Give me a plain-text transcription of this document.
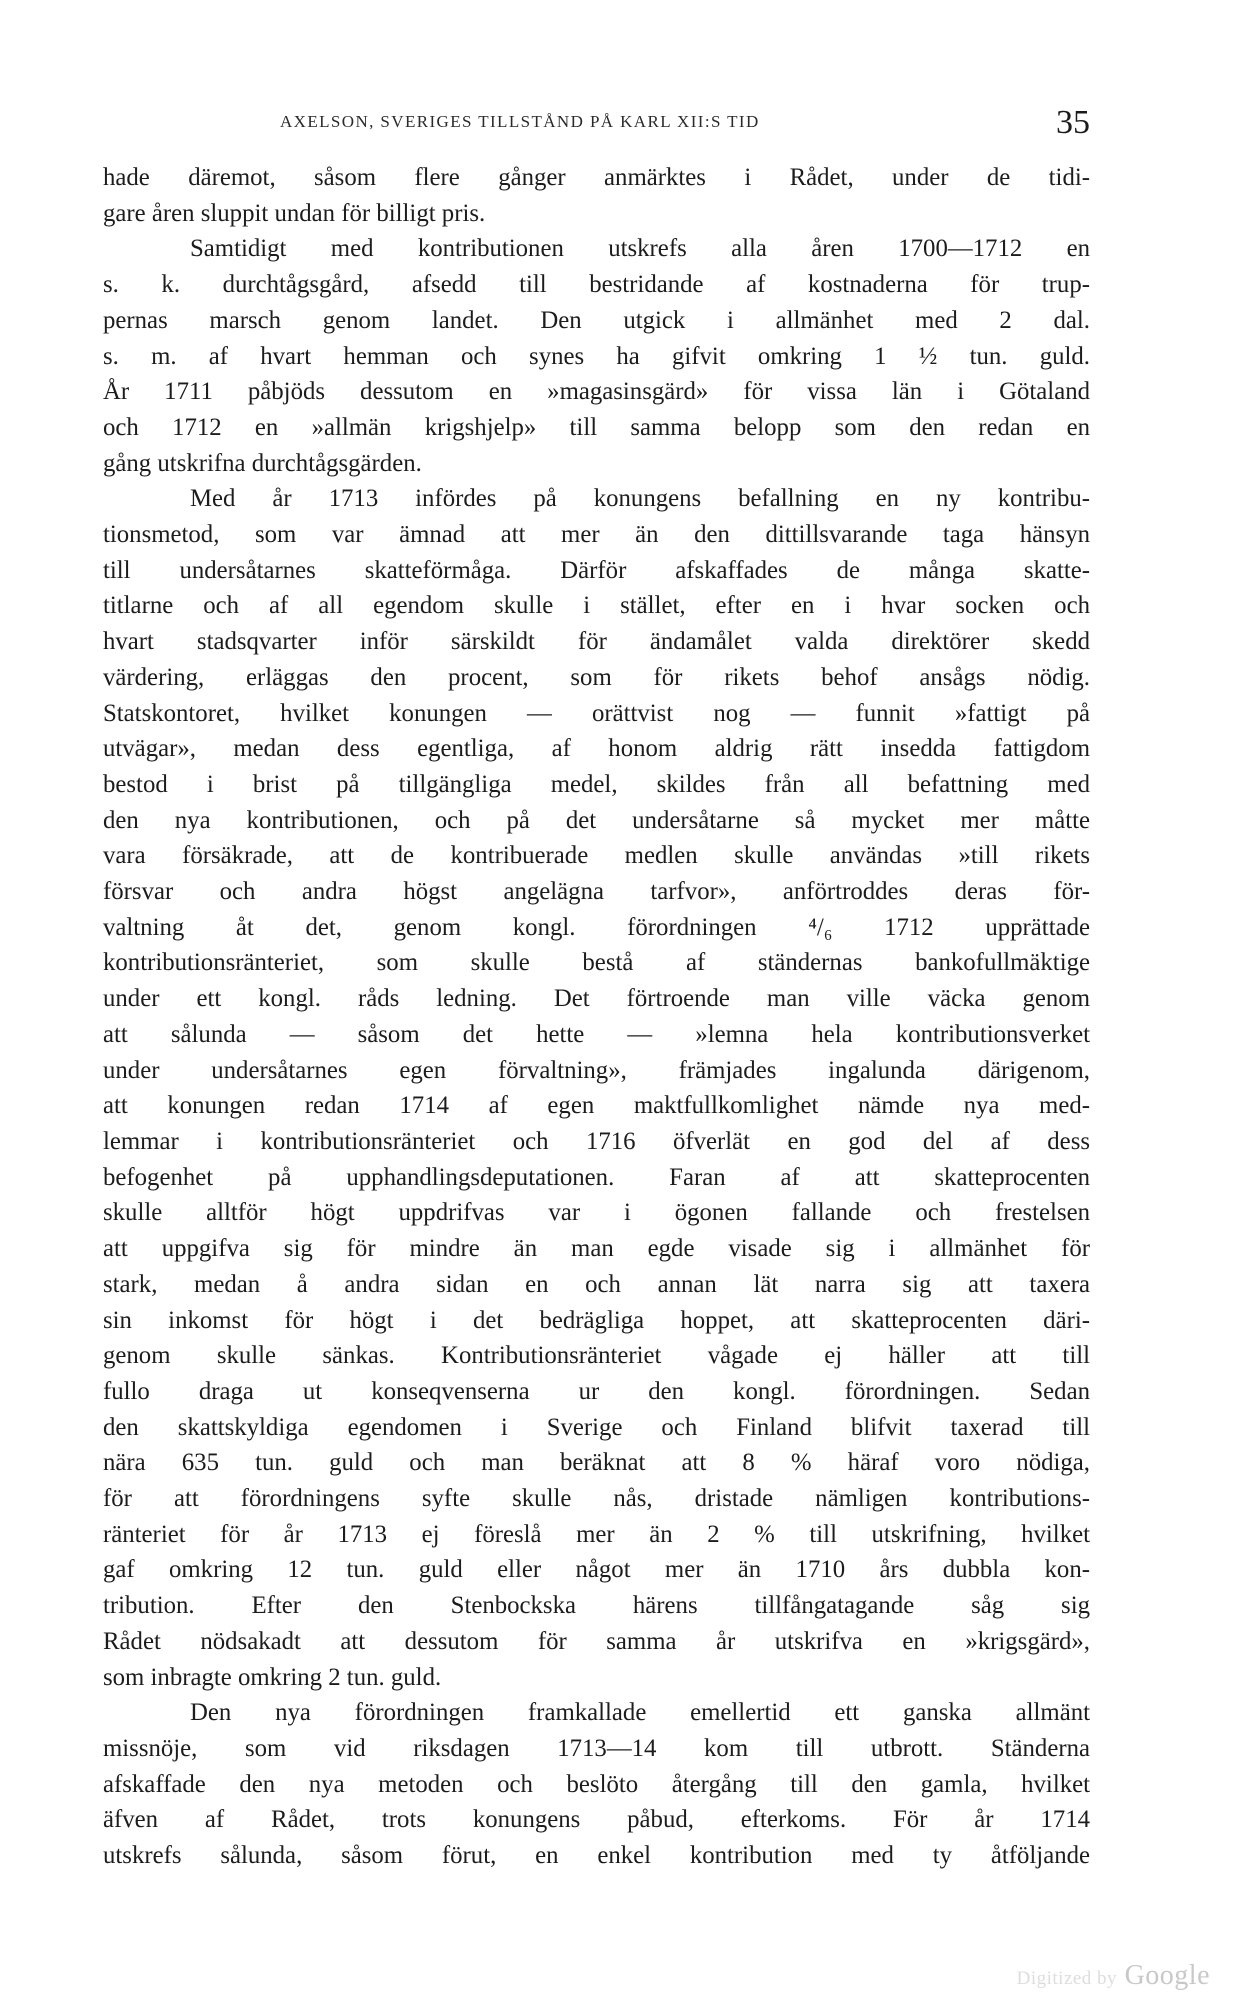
AXELSON, SVERIGES TILLSTÅND PÅ KARL XII:S TID	35
hade däremot, såsom flere gånger anmärktes i Rådet, under de tidi-
gare åren sluppit undan för billigt pris.
Samtidigt med kontributionen utskrefs alla åren 1700—1712 en
s. k. durchtågsgård, afsedd till bestridande af kostnaderna för trup-
pernas marsch genom landet. Den utgick i allmänhet med 2 dal.
s. m. af hvart hemman och synes ha gifvit omkring 1 ½ tun. guld.
År 1711 påbjöds dessutom en »magasinsgärd» för vissa län i Götaland
och 1712 en »allmän krigshjelp» till samma belopp som den redan en
gång utskrifna durchtågsgärden.
Med år 1713 infördes på konungens befallning en ny kontribu-
tionsmetod, som var ämnad att mer än den dittillsvarande taga hänsyn
till undersåtarnes skatteförmåga. Därför afskaffades de många skatte-
titlarne och af all egendom skulle i stället, efter en i hvar socken och
hvart stadsqvarter inför särskildt för ändamålet valda direktörer skedd
värdering, erläggas den procent, som för rikets behof ansågs nödig.
Statskontoret, hvilket konungen — orättvist nog — funnit »fattigt på
utvägar», medan dess egentliga, af honom aldrig rätt insedda fattigdom
bestod i brist på tillgängliga medel, skildes från all befattning med
den nya kontributionen, och på det undersåtarne så mycket mer måtte
vara försäkrade, att de kontribuerade medlen skulle användas »till rikets
försvar och andra högst angelägna tarfvor», anförtroddes deras för-
valtning åt det, genom kongl. förordningen ⁴/₆ 1712 upprättade
kontributionsränteriet, som skulle bestå af ständernas bankofullmäktige
under ett kongl. råds ledning. Det förtroende man ville väcka genom
att sålunda — såsom det hette — »lemna hela kontributionsverket
under undersåtarnes egen förvaltning», främjades ingalunda därigenom,
att konungen redan 1714 af egen maktfullkomlighet nämde nya med-
lemmar i kontributionsränteriet och 1716 öfverlät en god del af dess
befogenhet på upphandlingsdeputationen. Faran af att skatteprocenten
skulle alltför högt uppdrifvas var i ögonen fallande och frestelsen
att uppgifva sig för mindre än man egde visade sig i allmänhet för
stark, medan å andra sidan en och annan lät narra sig att taxera
sin inkomst för högt i det bedrägliga hoppet, att skatteprocenten däri-
genom skulle sänkas. Kontributionsränteriet vågade ej häller att till
fullo draga ut konseqvenserna ur den kongl. förordningen. Sedan
den skattskyldiga egendomen i Sverige och Finland blifvit taxerad till
nära 635 tun. guld och man beräknat att 8 % häraf voro nödiga,
för att förordningens syfte skulle nås, dristade nämligen kontributions-
ränteriet för år 1713 ej föreslå mer än 2 % till utskrifning, hvilket
gaf omkring 12 tun. guld eller något mer än 1710 års dubbla kon-
tribution. Efter den Stenbockska härens tillfångatagande såg sig
Rådet nödsakadt att dessutom för samma år utskrifva en »krigsgärd»,
som inbragte omkring 2 tun. guld.
Den nya förordningen framkallade emellertid ett ganska allmänt
missnöje, som vid riksdagen 1713—14 kom till utbrott. Ständerna
afskaffade den nya metoden och beslöto återgång till den gamla, hvilket
äfven af Rådet, trots konungens påbud, efterkoms. För år 1714
utskrefs sålunda, såsom förut, en enkel kontribution med ty åtföljande
Digitized by Google
